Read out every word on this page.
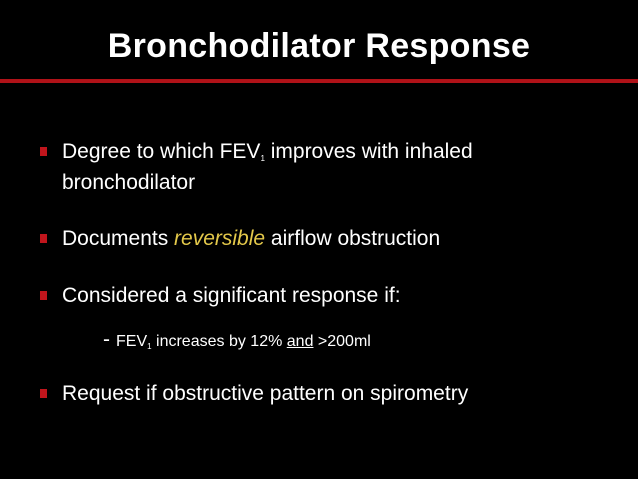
Bronchodilator Response
Degree to which FEV1 improves with inhaled
bronchodilator
Documents reversible airflow obstruction
Considered a significant response if:
- FEV1 increases by 12% and >200ml
Request if obstructive pattern on spirometry
